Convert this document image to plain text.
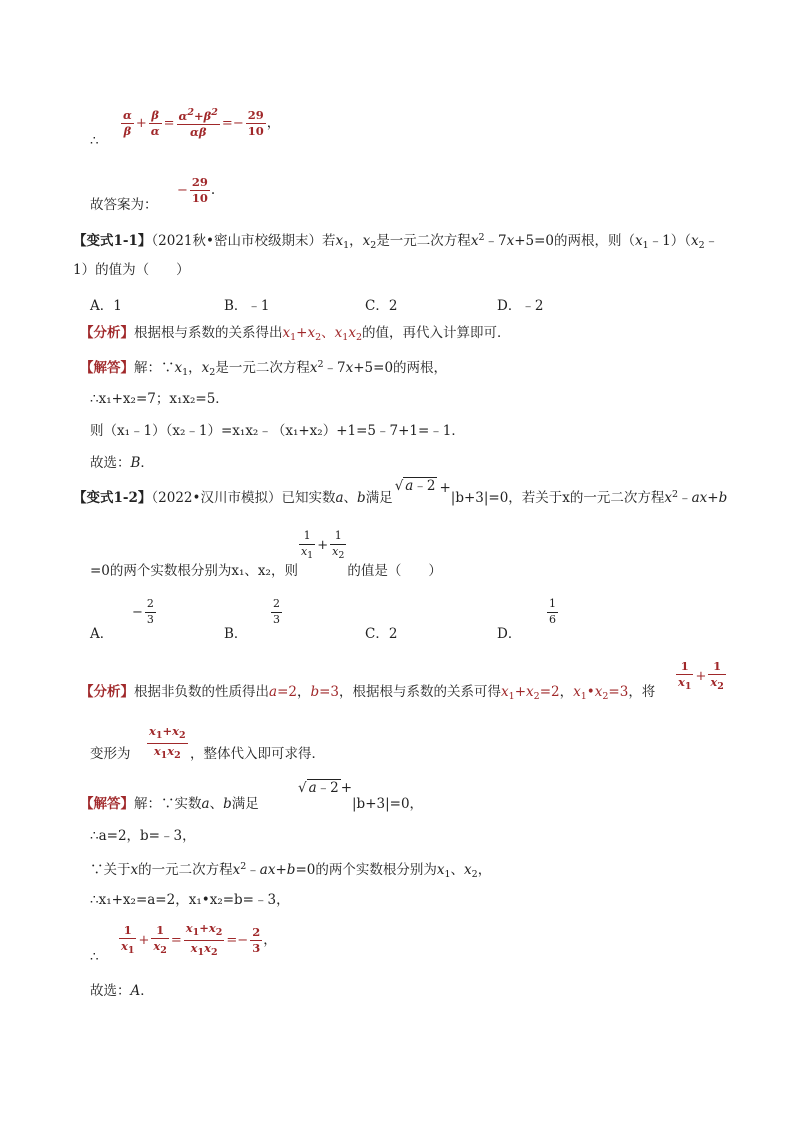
$\frac{\alpha}{\beta} + \frac{\beta}{\alpha} = \frac{\alpha^2+\beta^2}{\alpha\beta} =- \frac{29}{10}$ ，
∴
故答案为：
− $\frac{29}{10}$ .
【变式1-1】（2021秋•密山市校级期末）若$x_1$，$x_2$是一元二次方程$x^2﹣7x+5=0$的两根，则$(x_1﹣1)(x_2﹣$
1）的值为（　　）
A．1	B．﹣1	C．2	D．﹣2
【分析】根据根与系数的关系得出$x_1+x_2$、$x_1x_2$的值，再代入计算即可．
【解答】解：$\because x_1$，$x_2$是一元二次方程$x^2﹣7x+5=0$的两根，
∴x₁+x₂=7；x₁x₂=5．
则（x₁﹣1）（x₂﹣1）=x₁x₂﹣（x₁+x₂）+1=5﹣7+1=﹣1．
故选：B．
【变式1-2】（2022•汉川市模拟）已知实数a、b满足√ a﹣2 +|b+3|=0，若关于x的一元二次方程$x^2﹣ax+b$
=0的两个实数根分别为x₁、x₂，则
$\frac{1}{x_1} + \frac{1}{x_2}$
的值是（　　）
A．
− $\frac{2}{3}$
B．
$\frac{2}{3}$
C．2	D．
$\frac{1}{6}$
【分析】根据非负数的性质得出a=2，b=3，根据根与系数的关系可得$x_1+x_2=2$，$x_1•x_2=3$，将 $\frac{1}{x_1} + \frac{1}{x_2}$
变形为 $\frac{x_1+x_2}{x_1x_2}$ ，整体代入即可求得．
【解答】解：∵实数a、b满足
√ a﹣2 +
|b+3|=0，
∴a=2，b=﹣3，
∵关于x的一元二次方程$x^2﹣ax+b=0$的两个实数根分别为$x_1$、$x_2$，
∴x₁+x₂=a=2，x₁•x₂=b=﹣3，
$\frac{1}{x_1} + \frac{1}{x_2} = \frac{x_1+x_2}{x_1x_2} =- \frac{2}{3}$ ，
∴
故选：A．
